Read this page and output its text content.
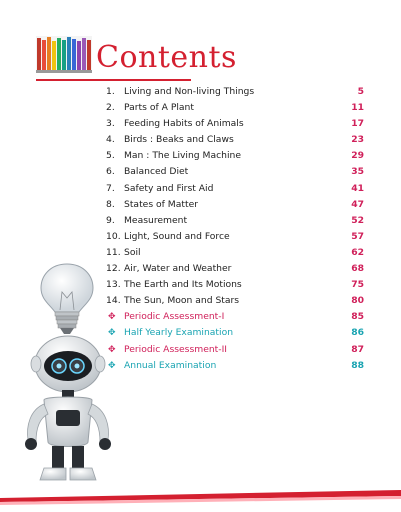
Contents
1.	Living and Non-living Things	5
2.	Parts of A Plant	11
3.	Feeding Habits of Animals	17
4.	Birds : Beaks and Claws	23
5.	Man : The Living Machine	29
6.	Balanced Diet	35
7.	Safety and First Aid	41
8.	States of Matter	47
9.	Measurement	52
10. Light, Sound and Force	57
11. Soil	62
12. Air, Water and Weather	68
13. The Earth and Its Motions	75
14. The Sun, Moon and Stars	80
✥ Periodic Assessment-I	85
✥ Half Yearly Examination	86
✥ Periodic Assessment-II	87
✥ Annual Examination	88
